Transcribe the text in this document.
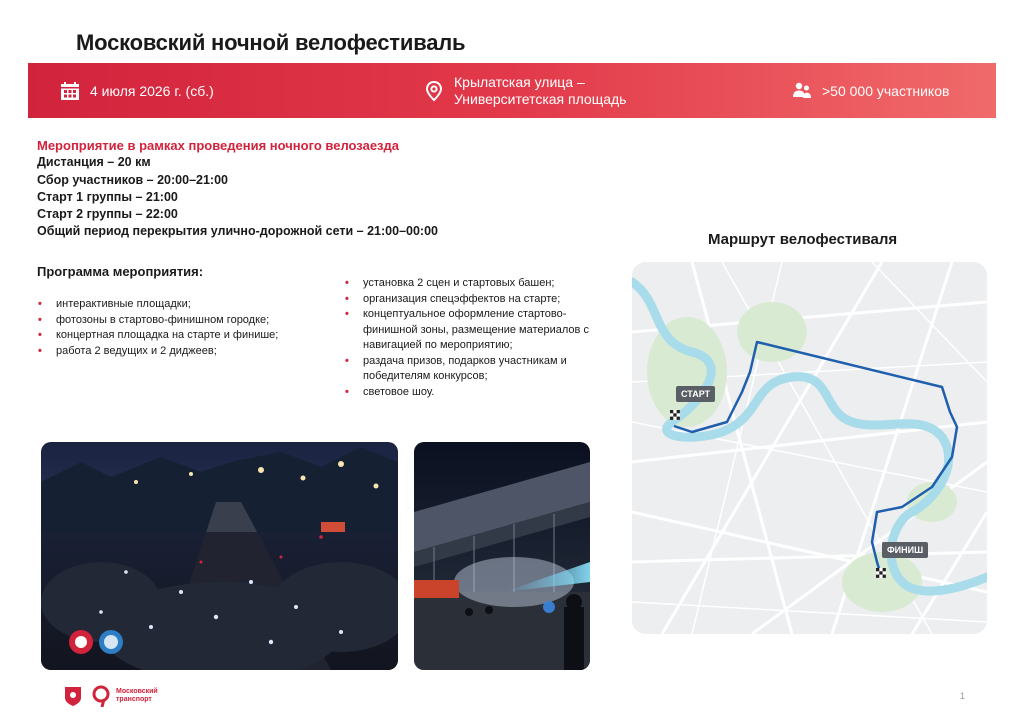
Московский ночной велофестиваль
4 июля 2026 г. (сб.)
Крылатская улица –
Университетская площадь	>50 000 участников
Мероприятие в рамках проведения ночного велозаезда
Дистанция – 20 км
Сбор участников – 20:00–21:00
Старт 1 группы – 21:00
Старт 2 группы – 22:00
Общий период перекрытия улично-дорожной сети – 21:00–00:00
Программа мероприятия:
• интерактивные площадки;
• фотозоны в стартово-финишном городке;
• концертная площадка на старте и финише;
• работа 2 ведущих и 2 диджеев;
• установка 2 сцен и стартовых башен;
• организация спецэффектов на старте;
• концептуальное оформление стартово-финишной зоны, размещение материалов с навигацией по мероприятию;
• раздача призов, подарков участникам и победителям конкурсов;
• световое шоу.
Маршрут велофестиваля
СТАРТ
ФИНИШ
Московский
транспорт	1
